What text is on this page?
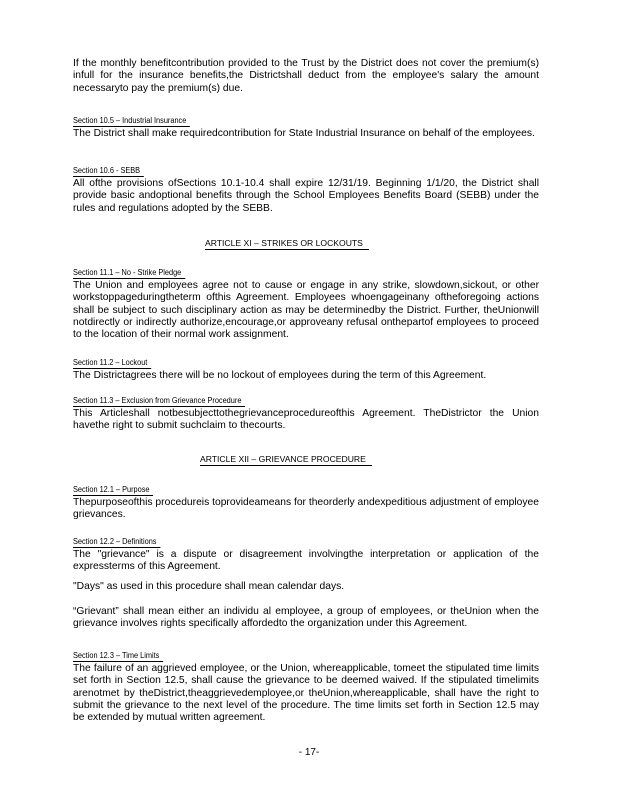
If the monthly benefitcontribution provided to the Trust by the District does not cover the premium(s) infull for the insurance benefits,the Districtshall deduct from the employee's salary the amount necessaryto pay the premium(s) due.

Section 10.5 – Industrial Insurance

The District shall make requiredcontribution for State Industrial Insurance on behalf of the employees.

Section 10.6 - SEBB

All ofthe provisions ofSections 10.1-10.4 shall expire 12/31/19. Beginning 1/1/20, the District shall provide basic andoptional benefits through the School Employees Benefits Board (SEBB) under the rules and regulations adopted by the SEBB.

ARTICLE XI – STRIKES OR LOCKOUTS
Section 11.1 – No - Strike Pledge

The Union and employees agree not to cause or engage in any strike, slowdown,sickout, or other workstoppageduringtheterm ofthis Agreement. Employees whoengageinany oftheforegoing actions shall be subject to such disciplinary action as may be determinedby the District. Further, theUnionwill notdirectly or indirectly authorize,encourage,or approveany refusal onthepartof employees to proceed to the location of their normal work assignment.

Section 11.2 – Lockout

The Districtagrees there will be no lockout of employees during the term of this Agreement.

Section 11.3 – Exclusion from Grievance Procedure

This Articleshall notbesubjecttothegrievanceprocedureofthis Agreement. TheDistrictor the Union havethe right to submit suchclaim to thecourts.

ARTICLE XII – GRIEVANCE PROCEDURE
Section 12.1 – Purpose

Thepurposeofthis procedureis toprovideameans for theorderly andexpeditious adjustment of employee grievances.

Section 12.2 – Definitions

The "grievance" is a dispute or disagreement involvingthe interpretation or application of the expressterms of this Agreement.

"Days" as used in this procedure shall mean calendar days.

“Grievant” shall mean either an individu al employee, a group of employees, or theUnion when the grievance involves rights specifically affordedto the organization under this Agreement.

Section 12.3 – Time Limits

The failure of an aggrieved employee, or the Union, whereapplicable, tomeet the stipulated time limits set forth in Section 12.5, shall cause the grievance to be deemed waived. If the stipulated timelimits arenotmet by theDistrict,theaggrievedemployee,or theUnion,whereapplicable, shall have the right to submit the grievance to the next level of the procedure. The time limits set forth in Section 12.5 may be extended by mutual written agreement.

- 17-
